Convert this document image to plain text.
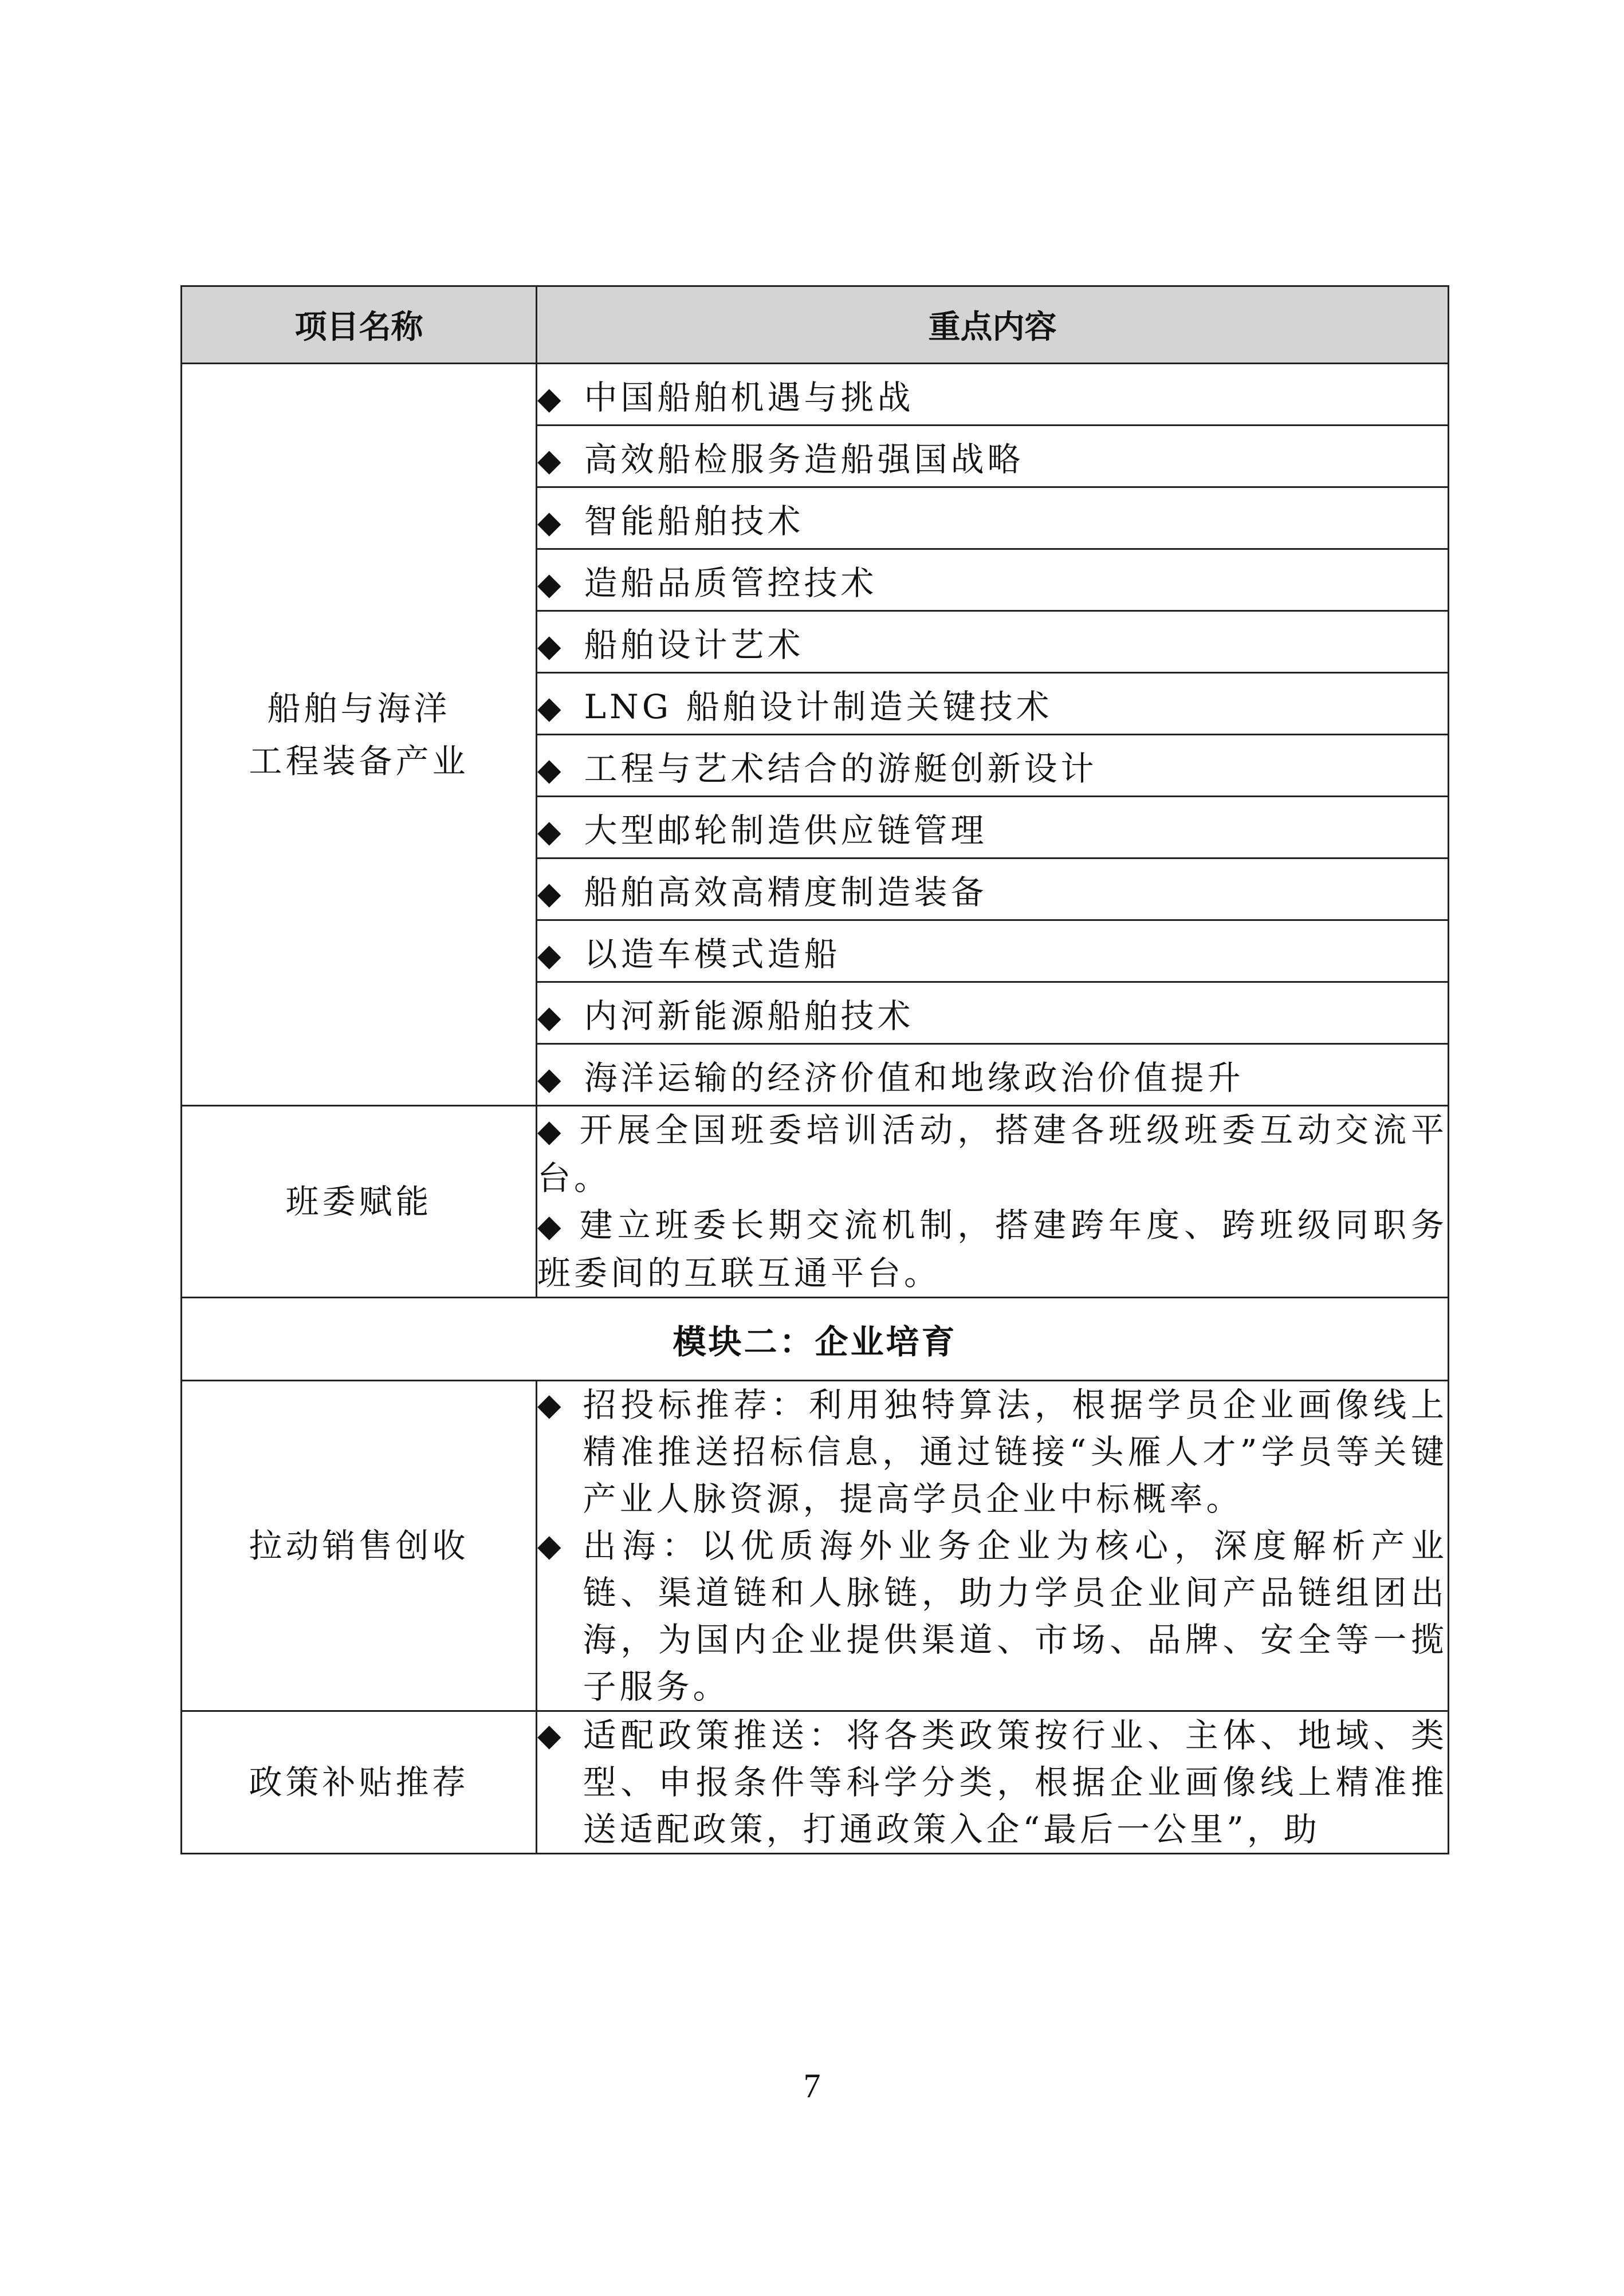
项目名称	重点内容
船舶与海洋
工程装备产业	◆ 中国船舶机遇与挑战
	◆ 高效船检服务造船强国战略
	◆ 智能船舶技术
	◆ 造船品质管控技术
	◆ 船舶设计艺术
	◆ LNG 船舶设计制造关键技术
	◆ 工程与艺术结合的游艇创新设计
	◆ 大型邮轮制造供应链管理
	◆ 船舶高效高精度制造装备
	◆ 以造车模式造船
	◆ 内河新能源船舶技术
	◆ 海洋运输的经济价值和地缘政治价值提升
班委赋能	◆ 开展全国班委培训活动，搭建各班级班委互动交流平台。

◆ 建立班委长期交流机制，搭建跨年度、跨班级同职务班委间的互联互通平台。

模块二：企业培育	
拉动销售创收	◆ 招投标推荐：利用独特算法，根据学员企业画像线上精准推送招标信息，通过链接“头雁人才”学员等关键产业人脉资源，提高学员企业中标概率。
◆ 出海：以优质海外业务企业为核心，深度解析产业链、渠道链和人脉链，助力学员企业间产品链组团出海，为国内企业提供渠道、市场、品牌、安全等一揽子服务。

政策补贴推荐	◆ 适配政策推送：将各类政策按行业、主体、地域、类型、申报条件等科学分类，根据企业画像线上精准推送适配政策，打通政策入企“最后一公里”，助
7
